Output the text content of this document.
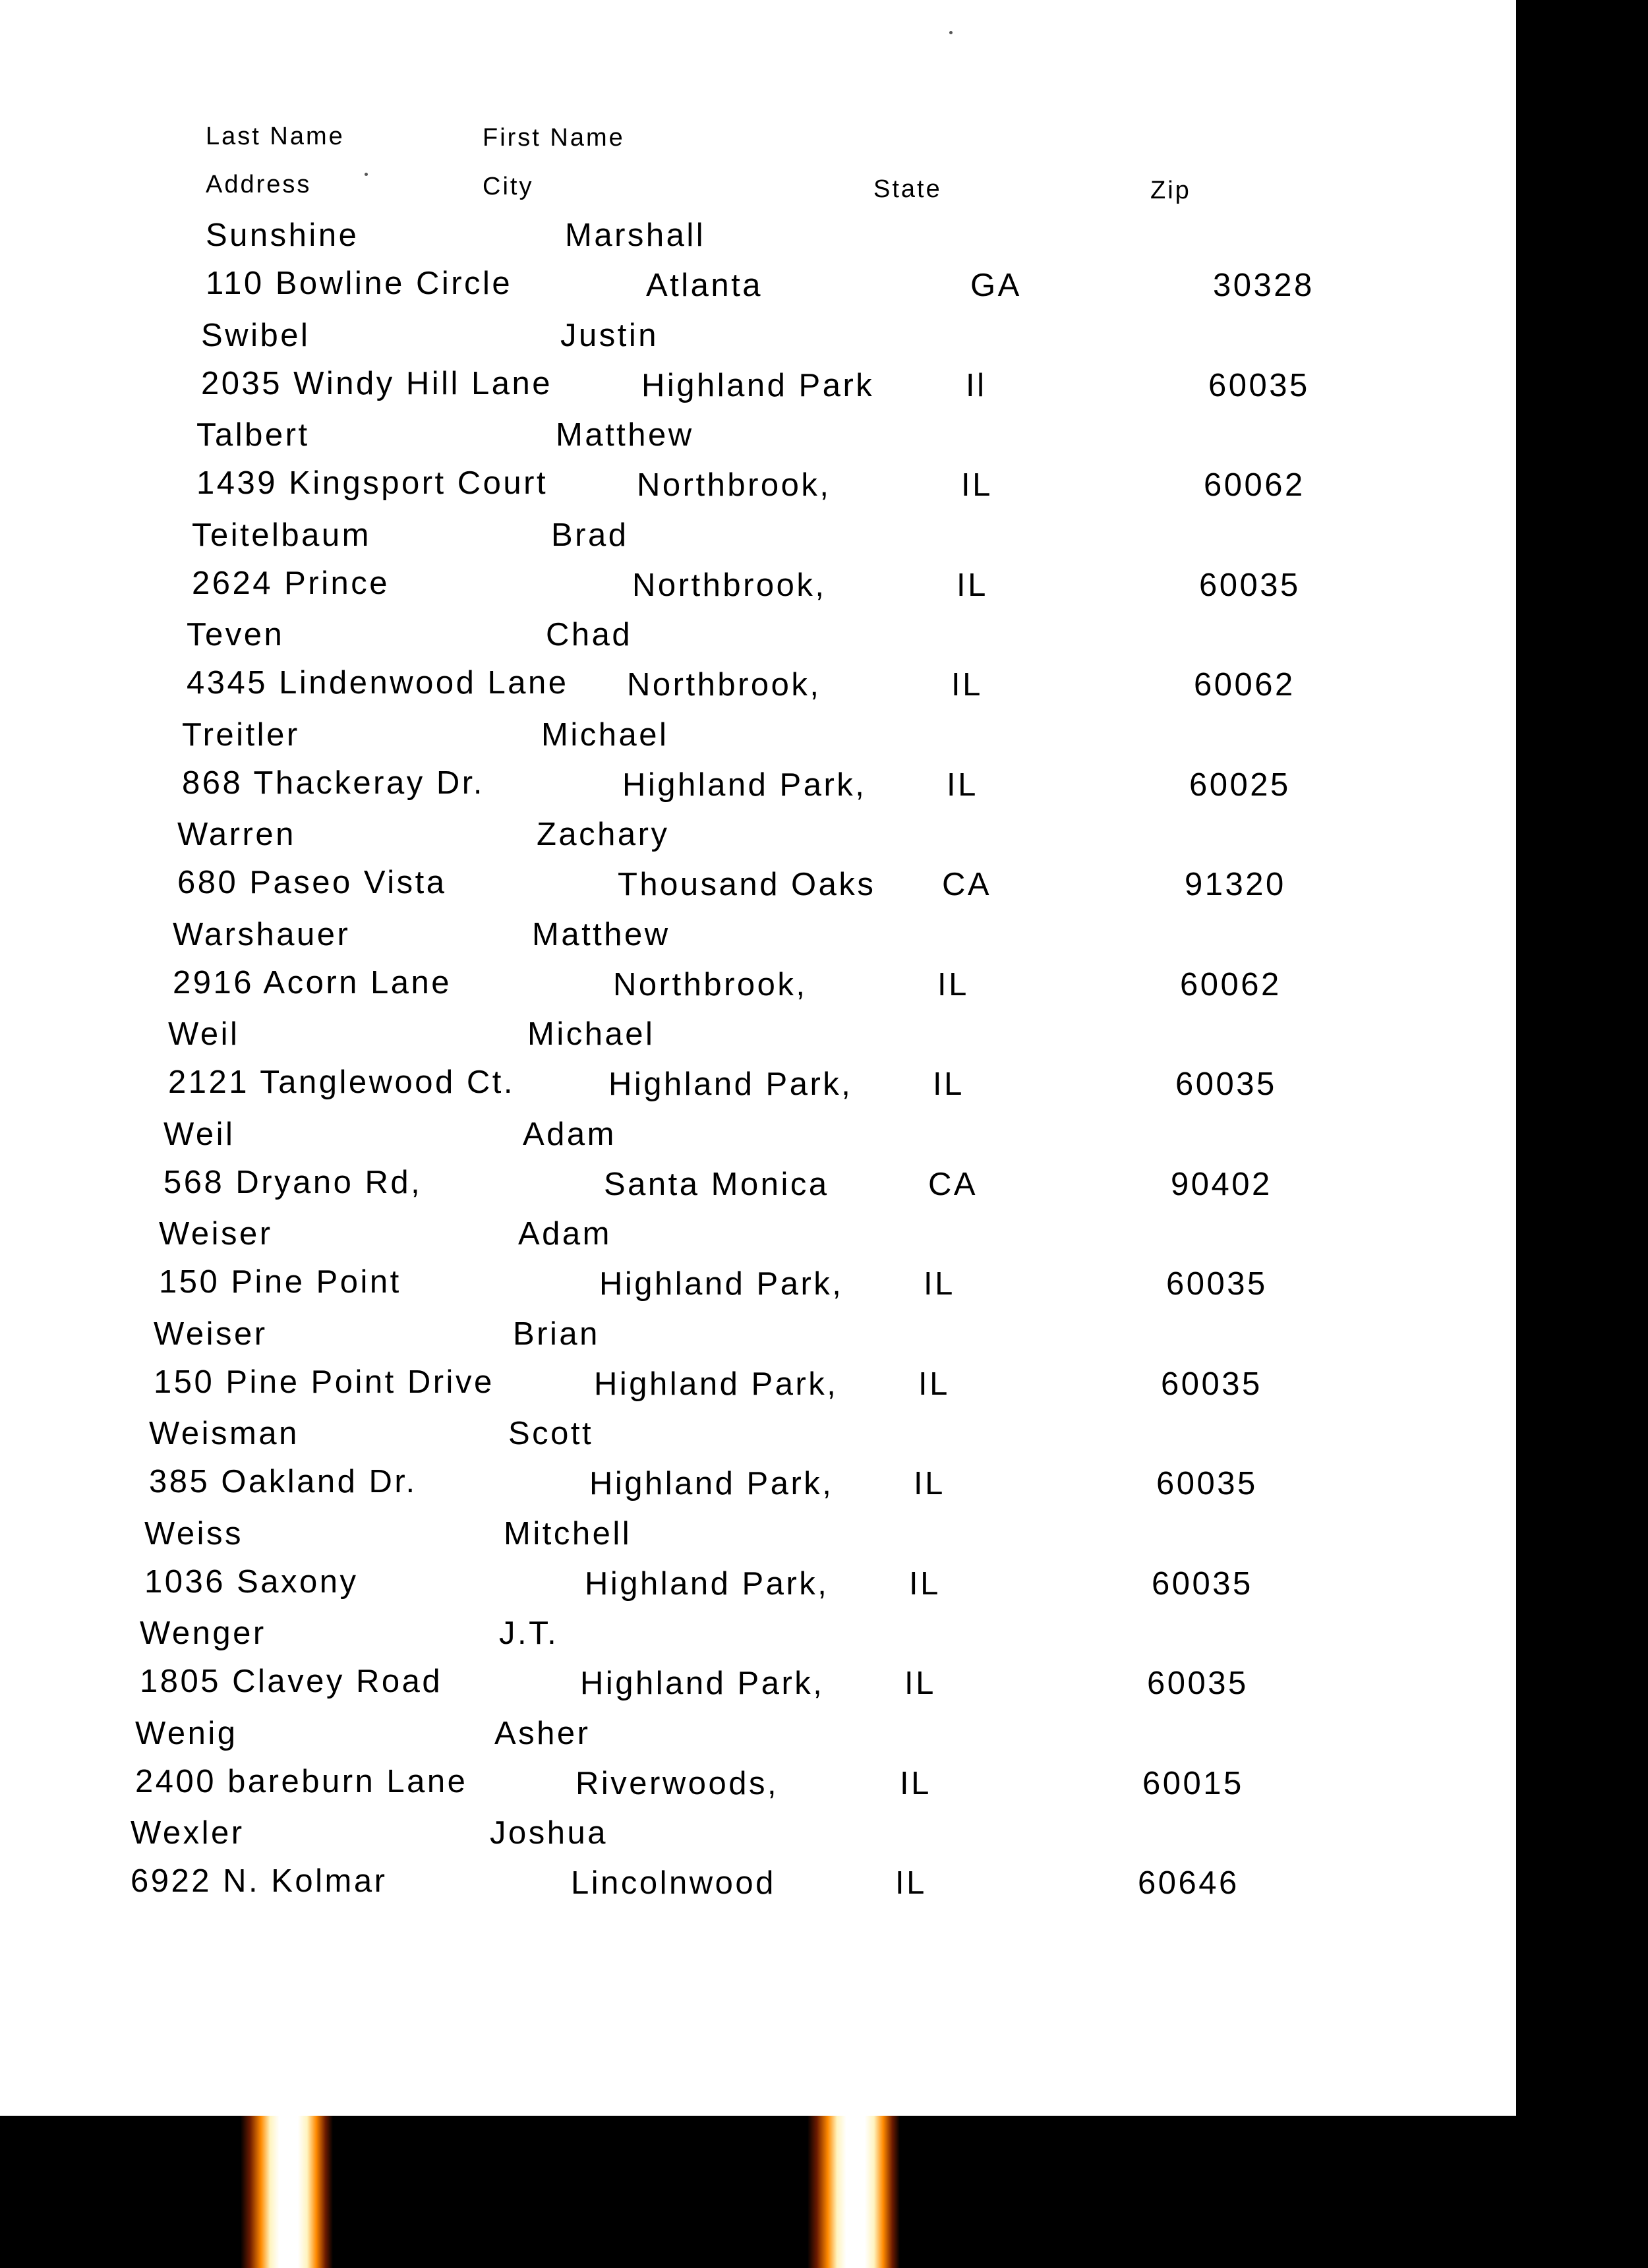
Last Name	First Name
Address	City	State	Zip
Sunshine	Marshall
110 Bowline Circle	Atlanta	GA	30328
Swibel	Justin
2035 Windy Hill Lane	Highland Park	Il	60035
Talbert	Matthew
1439 Kingsport Court	Northbrook,	IL	60062
Teitelbaum	Brad
2624 Prince	Northbrook,	IL	60035
Teven	Chad
4345 Lindenwood Lane Northbrook,	IL	60062
Treitler	Michael
868 Thackeray Dr.	Highland Park, IL	60025
Warren	Zachary
680 Paseo Vista	Thousand Oaks CA	91320
Warshauer	Matthew
2916 Acorn Lane	Northbrook,	IL	60062
Weil	Michael
2121 Tanglewood Ct.	Highland Park, IL	60035
Weil	Adam
568 Dryano Rd,	Santa Monica	CA	90402
Weiser	Adam
150 Pine Point	Highland Park, IL	60035
Weiser	Brian
150 Pine Point Drive	Highland Park, IL	60035
Weisman	Scott
385 Oakland Dr.	Highland Park, IL	60035
Weiss	Mitchell
1036 Saxony	Highland Park, IL	60035
Wenger	J.T.
1805 Clavey Road	Highland Park, IL	60035
Wenig	Asher
2400 bareburn Lane	Riverwoods,	IL	60015
Wexler	Joshua
6922 N. Kolmar	Lincolnwood	IL	60646
